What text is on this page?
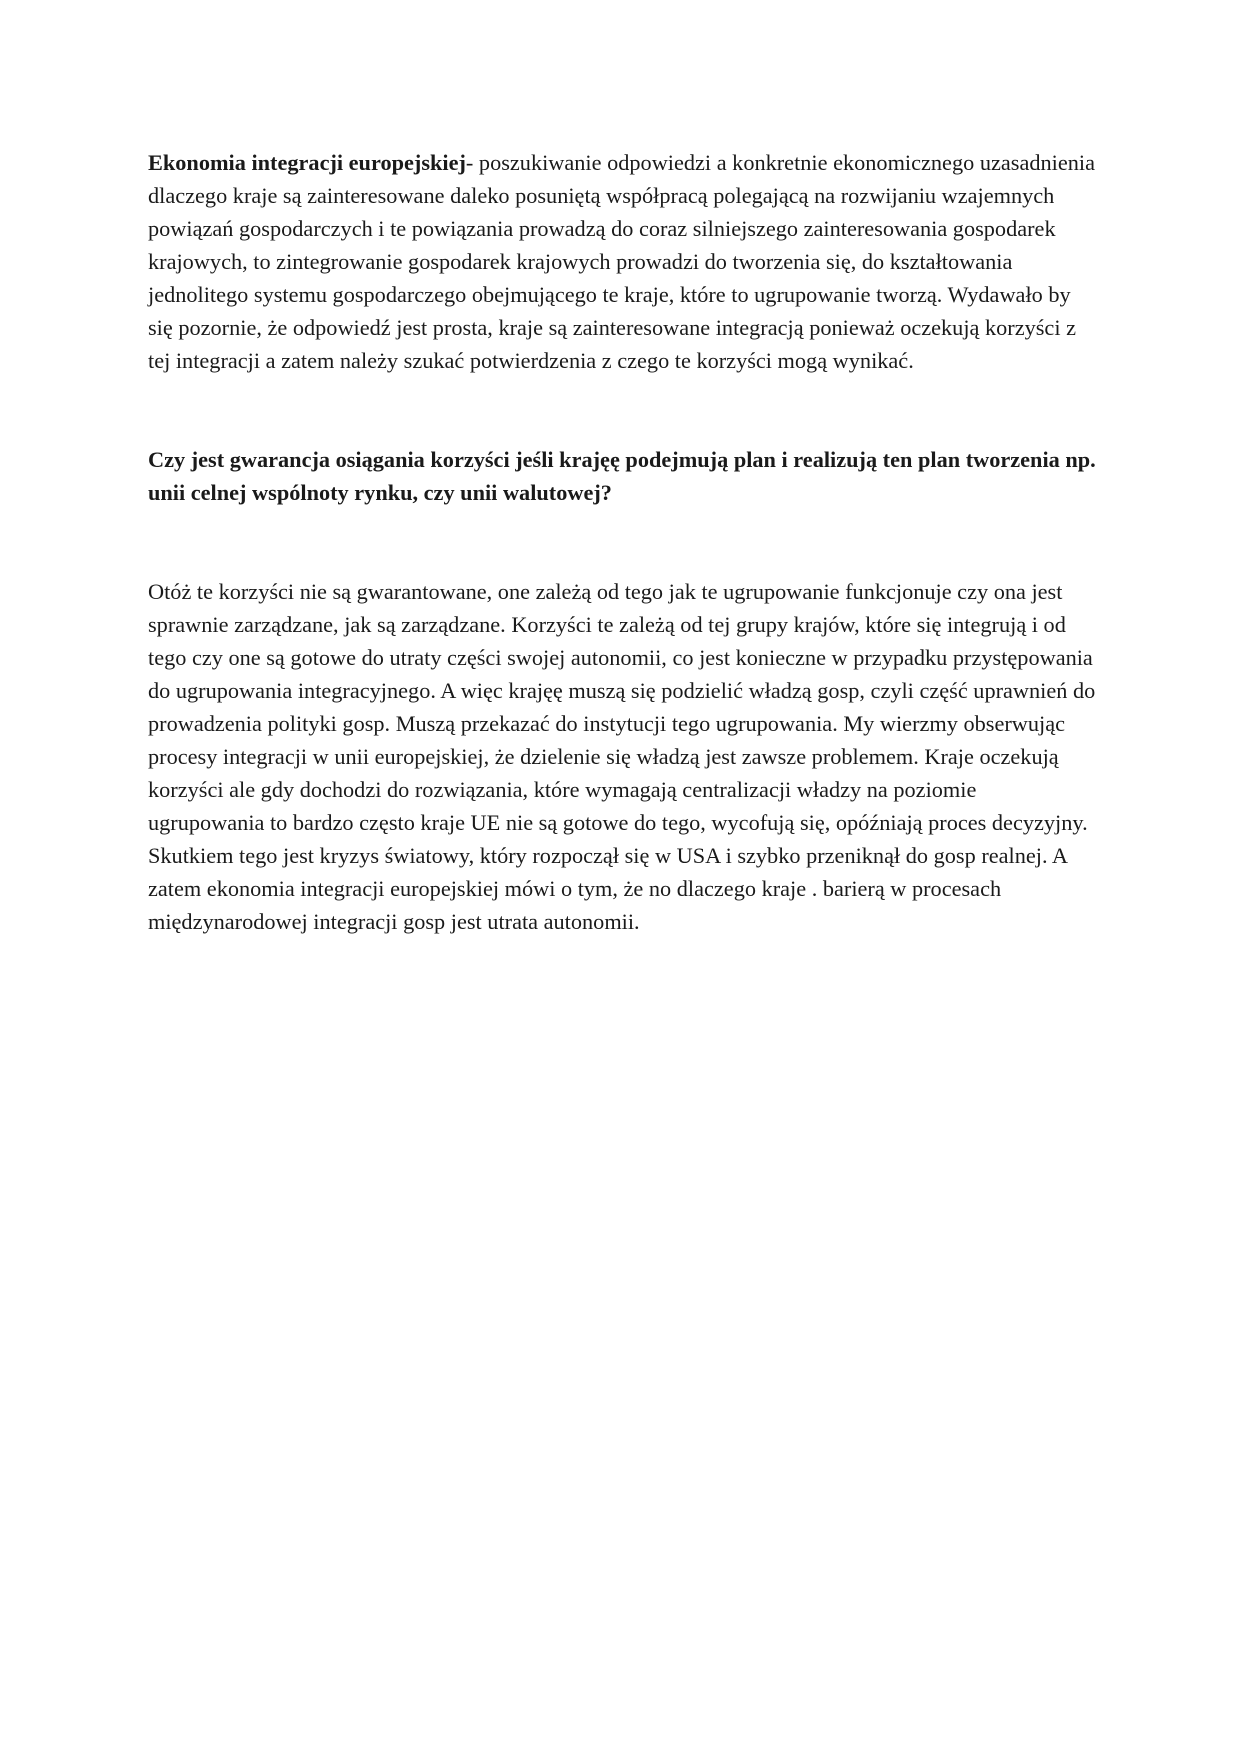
Ekonomia integracji europejskiej- poszukiwanie odpowiedzi a konkretnie ekonomicznego uzasadnienia dlaczego kraje są zainteresowane daleko posuniętą współpracą polegającą na rozwijaniu wzajemnych powiązań gospodarczych i te powiązania prowadzą do coraz silniejszego zainteresowania gospodarek krajowych, to zintegrowanie gospodarek krajowych prowadzi do tworzenia się, do kształtowania jednolitego systemu gospodarczego obejmującego te kraje, które to ugrupowanie tworzą. Wydawało by się pozornie, że odpowiedź jest prosta, kraje są zainteresowane integracją ponieważ oczekują korzyści z tej integracji a zatem należy szukać potwierdzenia z czego te korzyści mogą wynikać.

Czy jest gwarancja osiągania korzyści jeśli krajęę podejmują plan i realizują ten plan tworzenia np. unii celnej wspólnoty rynku, czy unii walutowej?

Otóż te korzyści nie są gwarantowane, one zależą od tego jak te ugrupowanie funkcjonuje czy ona jest sprawnie zarządzane, jak są zarządzane. Korzyści te zależą od tej grupy krajów, które się integrują i od tego czy one są gotowe do utraty części swojej autonomii, co jest konieczne w przypadku przystępowania do ugrupowania integracyjnego. A więc krajęę muszą się podzielić władzą gosp, czyli część uprawnień do prowadzenia polityki gosp. Muszą przekazać do instytucji tego ugrupowania. My wierzmy obserwując procesy integracji w unii europejskiej, że dzielenie się władzą jest zawsze problemem. Kraje oczekują korzyści ale gdy dochodzi do rozwiązania, które wymagają centralizacji władzy na poziomie ugrupowania to bardzo często kraje UE nie są gotowe do tego, wycofują się, opóźniają proces decyzyjny. Skutkiem tego jest kryzys światowy, który rozpoczął się w USA i szybko przeniknął do gosp realnej. A zatem ekonomia integracji europejskiej mówi o tym, że no dlaczego kraje . barierą w procesach międzynarodowej integracji gosp jest utrata autonomii.
